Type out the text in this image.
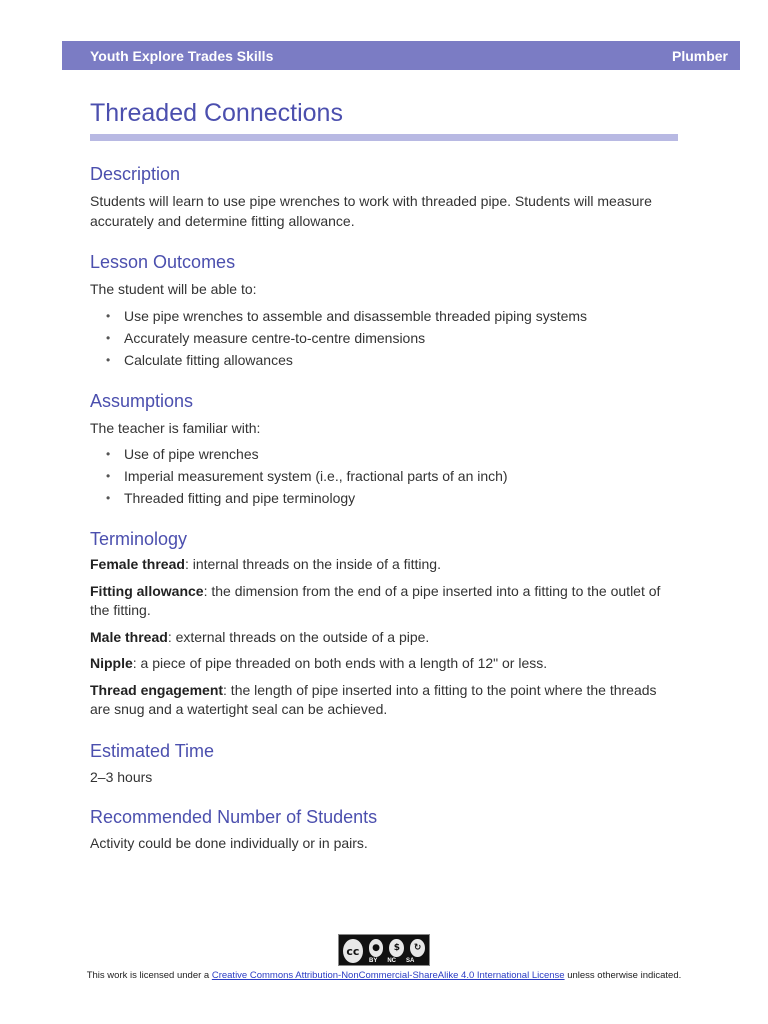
Youth Explore Trades Skills	Plumber
Threaded Connections
Description

Students will learn to use pipe wrenches to work with threaded pipe. Students will measure accurately and determine fitting allowance.

Lesson Outcomes

The student will be able to:

• Use pipe wrenches to assemble and disassemble threaded piping systems
• Accurately measure centre-to-centre dimensions
• Calculate fitting allowances
Assumptions

The teacher is familiar with:

• Use of pipe wrenches
• Imperial measurement system (i.e., fractional parts of an inch)
• Threaded fitting and pipe terminology
Terminology

Female thread: internal threads on the inside of a fitting.

Fitting allowance: the dimension from the end of a pipe inserted into a fitting to the outlet of the fitting.

Male thread: external threads on the outside of a pipe.

Nipple: a piece of pipe threaded on both ends with a length of 12" or less.

Thread engagement: the length of pipe inserted into a fitting to the point where the threads are snug and a watertight seal can be achieved.

Estimated Time

2–3 hours

Recommended Number of Students

Activity could be done individually or in pairs.

cc	●	$	↻
BY NC SA
This work is licensed under a Creative Commons Attribution-NonCommercial-ShareAlike 4.0 International License unless otherwise indicated.
